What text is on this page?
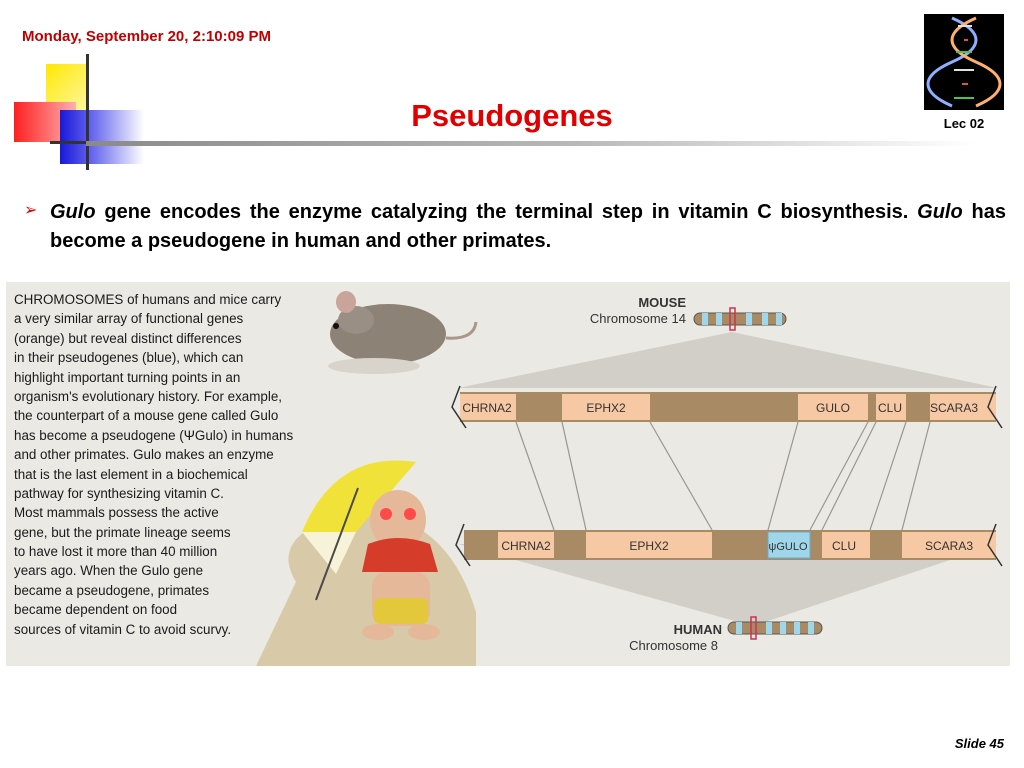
Monday, September 20, 2:10:09 PM
Pseudogenes	Lec 02
➢ Gulo gene encodes the enzyme catalyzing the terminal step in vitamin C biosynthesis. Gulo has become a pseudogene in human and other primates.
CHROMOSOMES of humans and mice carry
a very similar array of functional genes
(orange) but reveal distinct differences
in their pseudogenes (blue), which can
highlight important turning points in an
organism's evolutionary history. For example,
the counterpart of a mouse gene called Gulo
has become a pseudogene (ΨGulo) in humans
and other primates. Gulo makes an enzyme
that is the last element in a biochemical
pathway for synthesizing vitamin C.
Most mammals possess the active
gene, but the primate lineage seems
to have lost it more than 40 million
years ago. When the Gulo gene
became a pseudogene, primates
became dependent on food
sources of vitamin C to avoid scurvy.
MOUSE
Chromosome 14
CHRNA2	EPHX2	GULO CLU SCARA3
CHRNA2	EPHX2	ψGULO CLU	SCARA3
HUMAN
Chromosome 8
Slide 45
